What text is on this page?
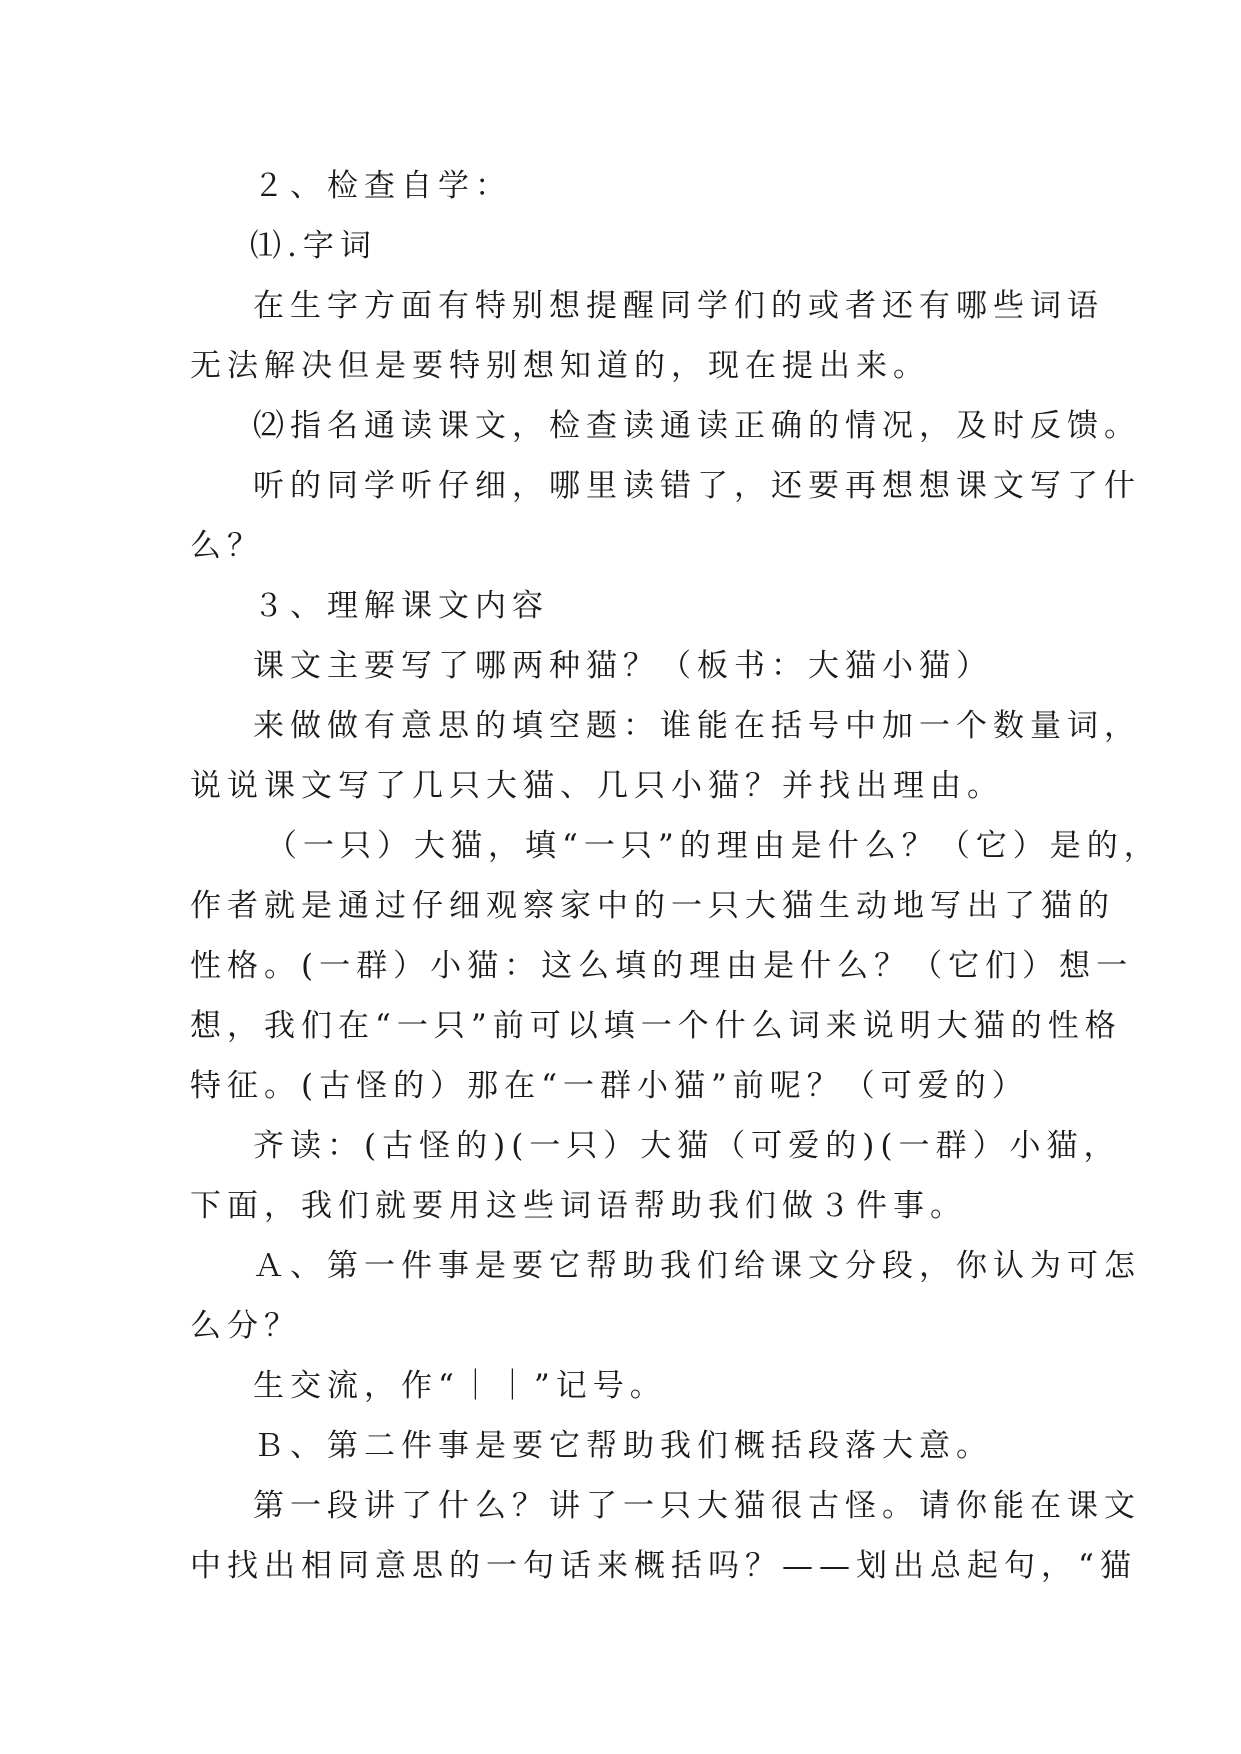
２、检查自学：

⑴.字词

在生字方面有特别想提醒同学们的或者还有哪些词语

无法解决但是要特别想知道的，现在提出来。

⑵指名通读课文，检查读通读正确的情况，及时反馈。

听的同学听仔细，哪里读错了，还要再想想课文写了什

么？

３、理解课文内容

课文主要写了哪两种猫？（板书：大猫小猫）

来做做有意思的填空题：谁能在括号中加一个数量词，

说说课文写了几只大猫、几只小猫？并找出理由。

（一只）大猫，填“一只”的理由是什么？（它）是的，

作者就是通过仔细观察家中的一只大猫生动地写出了猫的

性格。(一群）小猫：这么填的理由是什么？（它们）想一

想，我们在“一只”前可以填一个什么词来说明大猫的性格

特征。(古怪的）那在“一群小猫”前呢？（可爱的）

齐读：(古怪的)(一只）大猫（可爱的)(一群）小猫，

下面，我们就要用这些词语帮助我们做３件事。

Ａ、第一件事是要它帮助我们给课文分段，你认为可怎

么分？

生交流，作“｜｜”记号。

Ｂ、第二件事是要它帮助我们概括段落大意。

第一段讲了什么？讲了一只大猫很古怪。请你能在课文

中找出相同意思的一句话来概括吗？——划出总起句，“猫
